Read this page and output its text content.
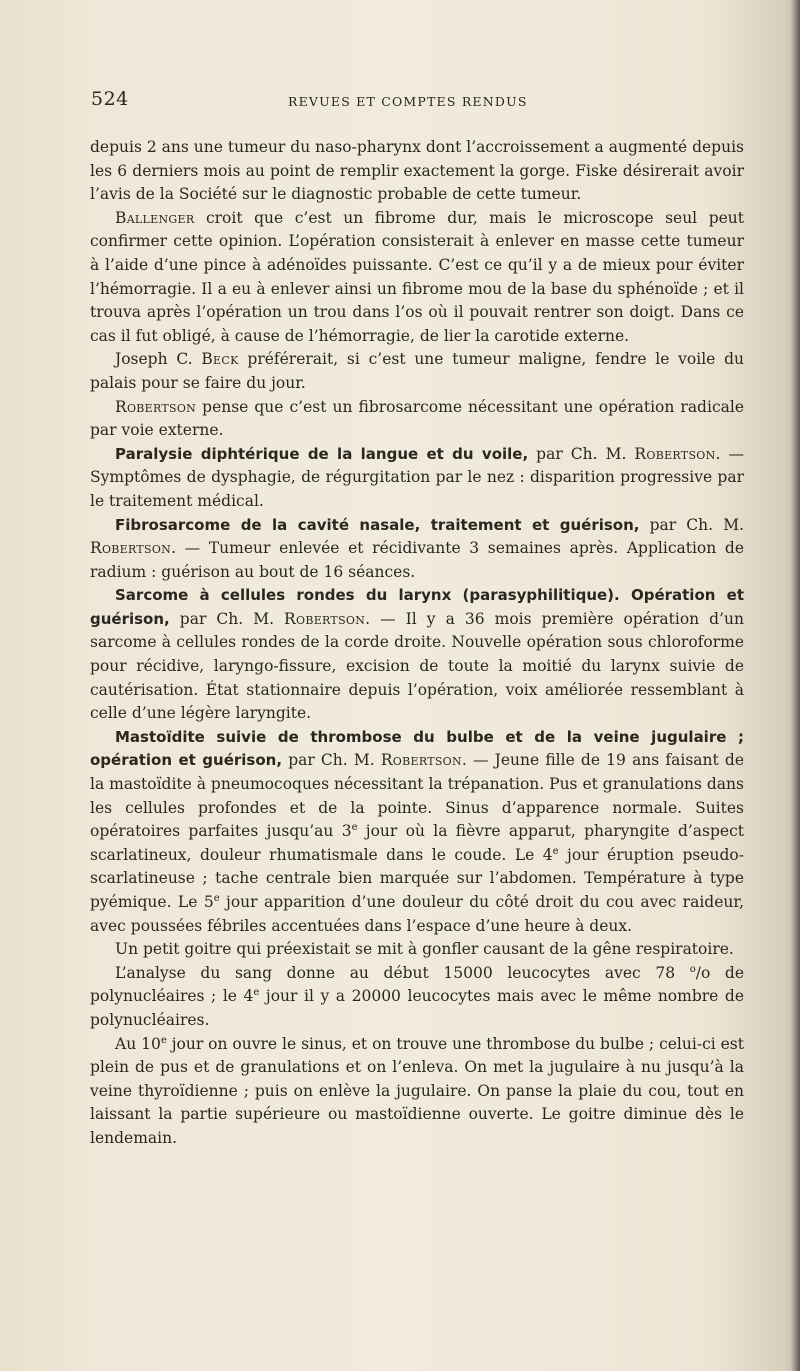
524	REVUES ET COMPTES RENDUS

depuis 2 ans une tumeur du naso-pharynx dont l’accroissement a augmenté depuis les 6 derniers mois au point de remplir exactement la gorge. Fiske désirerait avoir l’avis de la Société sur le diagnostic probable de cette tumeur.

Ballenger croit que c’est un fibrome dur, mais le microscope seul peut confirmer cette opinion. L’opération consisterait à enlever en masse cette tumeur à l’aide d’une pince à adénoïdes puissante. C’est ce qu’il y a de mieux pour éviter l’hémorragie. Il a eu à enlever ainsi un fibrome mou de la base du sphénoïde ; et il trouva après l’opération un trou dans l’os où il pouvait rentrer son doigt. Dans ce cas il fut obligé, à cause de l’hémorragie, de lier la carotide externe.

Joseph C. Beck préférerait, si c’est une tumeur maligne, fendre le voile du palais pour se faire du jour.

Robertson pense que c’est un fibrosarcome nécessitant une opération radicale par voie externe.

Paralysie diphtérique de la langue et du voile, par Ch. M. Robertson. — Symptômes de dysphagie, de régurgitation par le nez : disparition progressive par le traitement médical.

Fibrosarcome de la cavité nasale, traitement et guérison, par Ch. M. Robertson. — Tumeur enlevée et récidivante 3 semaines après. Application de radium : guérison au bout de 16 séances.

Sarcome à cellules rondes du larynx (parasyphilitique). Opération et guérison, par Ch. M. Robertson. — Il y a 36 mois première opération d’un sarcome à cellules rondes de la corde droite. Nouvelle opération sous chloroforme pour récidive, laryngo-fissure, excision de toute la moitié du larynx suivie de cautérisation. État stationnaire depuis l’opération, voix améliorée ressemblant à celle d’une légère laryngite.

Mastoïdite suivie de thrombose du bulbe et de la veine jugulaire ; opération et guérison, par Ch. M. Robertson. — Jeune fille de 19 ans faisant de la mastoïdite à pneumocoques nécessitant la trépanation. Pus et granulations dans les cellules profondes et de la pointe. Sinus d’apparence normale. Suites opératoires parfaites jusqu’au 3e jour où la fièvre apparut, pharyngite d’aspect scarlatineux, douleur rhumatismale dans le coude. Le 4e jour éruption pseudo-scarlatineuse ; tache centrale bien marquée sur l’abdomen. Température à type pyémique. Le 5e jour apparition d’une douleur du côté droit du cou avec raideur, avec poussées fébriles accentuées dans l’espace d’une heure à deux.

Un petit goitre qui préexistait se mit à gonfler causant de la gêne respiratoire.

L’analyse du sang donne au début 15000 leucocytes avec 78 $^o$/o de polynucléaires ; le 4e jour il y a 20000 leucocytes mais avec le même nombre de polynucléaires.

Au 10e jour on ouvre le sinus, et on trouve une thrombose du bulbe ; celui-ci est plein de pus et de granulations et on l’enleva. On met la jugulaire à nu jusqu’à la veine thyroïdienne ; puis on enlève la jugulaire. On panse la plaie du cou, tout en laissant la partie supérieure ou mastoïdienne ouverte. Le goitre diminue dès le lendemain.
